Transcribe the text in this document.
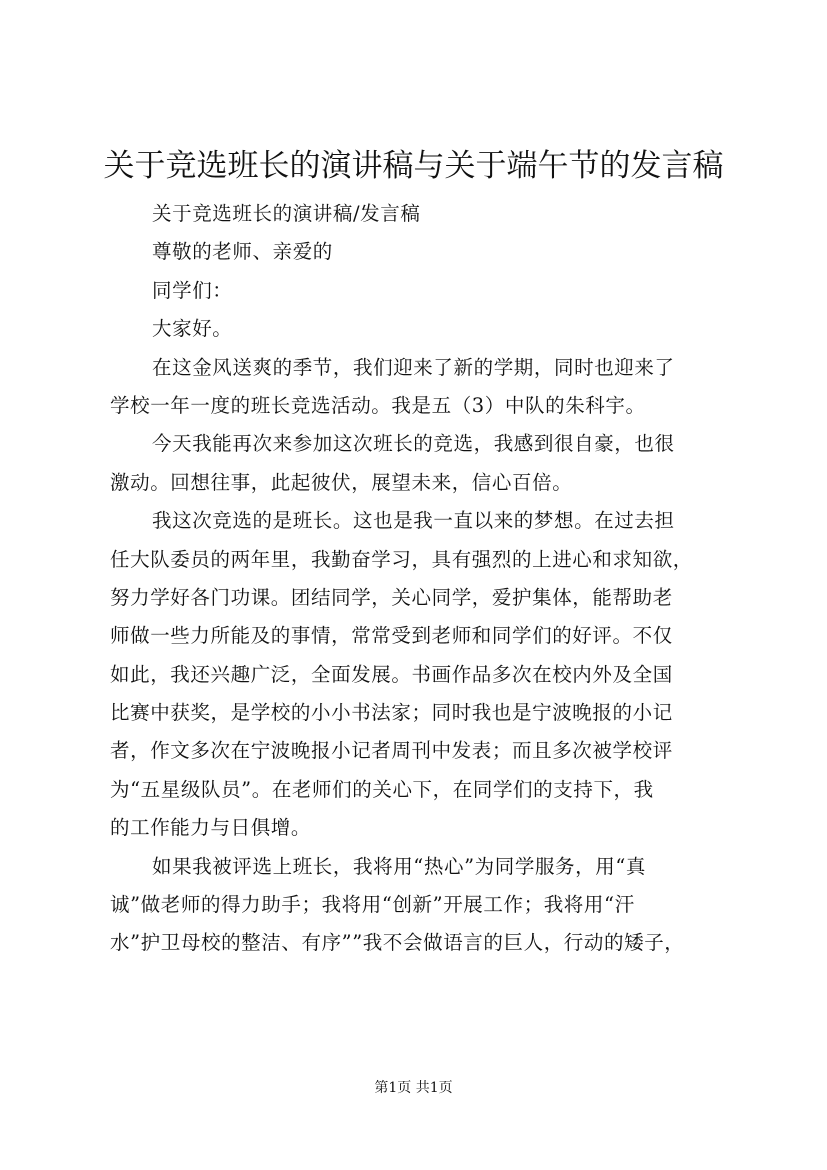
关于竞选班长的演讲稿与关于端午节的发言稿
关于竞选班长的演讲稿/发言稿
尊敬的老师、亲爱的
同学们：
大家好。
在这金风送爽的季节，我们迎来了新的学期，同时也迎来了
学校一年一度的班长竞选活动。我是五（3）中队的朱科宇。
今天我能再次来参加这次班长的竞选，我感到很自豪，也很
激动。回想往事，此起彼伏，展望未来，信心百倍。
我这次竞选的是班长。这也是我一直以来的梦想。在过去担
任大队委员的两年里，我勤奋学习，具有强烈的上进心和求知欲，
努力学好各门功课。团结同学，关心同学，爱护集体，能帮助老
师做一些力所能及的事情，常常受到老师和同学们的好评。不仅
如此，我还兴趣广泛，全面发展。书画作品多次在校内外及全国
比赛中获奖，是学校的小小书法家；同时我也是宁波晚报的小记
者，作文多次在宁波晚报小记者周刊中发表；而且多次被学校评
为“五星级队员”。在老师们的关心下，在同学们的支持下，我
的工作能力与日俱增。
如果我被评选上班长，我将用“热心”为同学服务，用“真
诚”做老师的得力助手；我将用“创新”开展工作；我将用“汗
水”护卫母校的整洁、有序””我不会做语言的巨人，行动的矮子，
第1页 共1页
